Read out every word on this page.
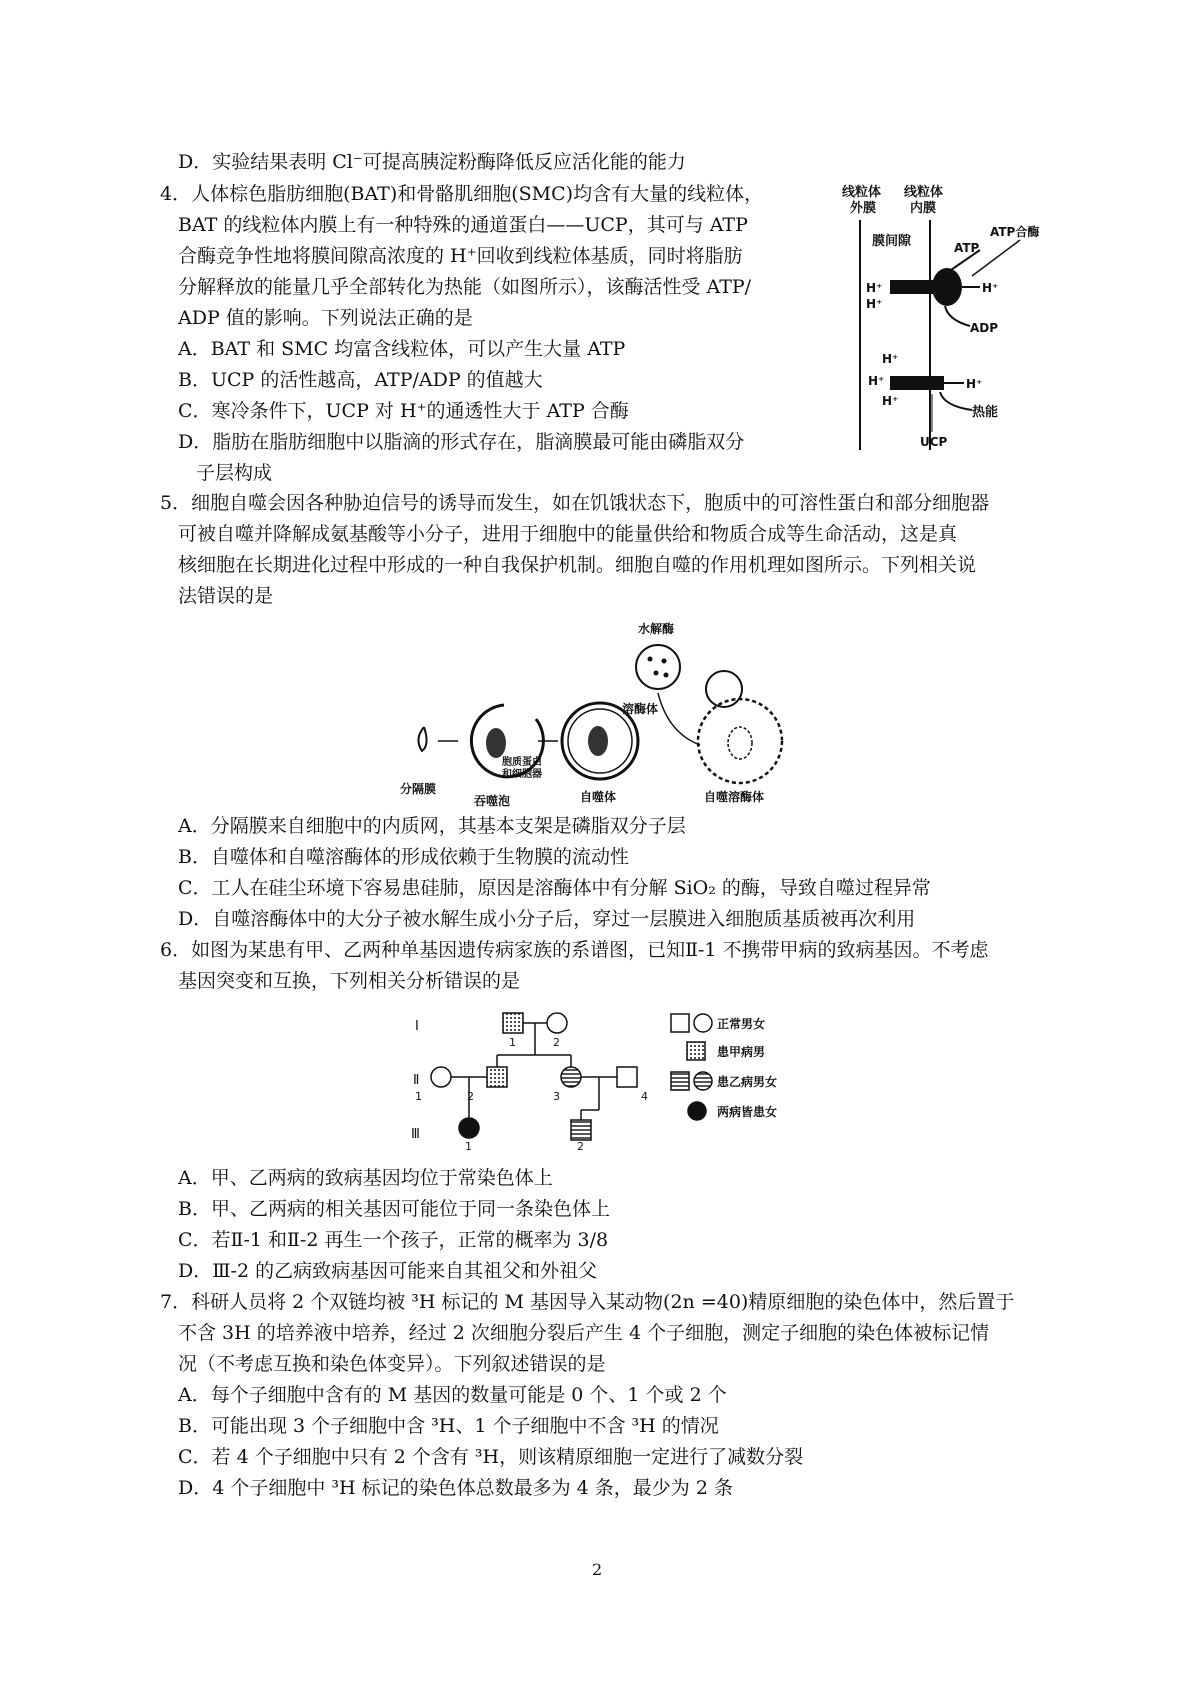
D．实验结果表明 Cl⁻可提高胰淀粉酶降低反应活化能的能力
4．人体棕色脂肪细胞(BAT)和骨骼肌细胞(SMC)均含有大量的线粒体，
BAT 的线粒体内膜上有一种特殊的通道蛋白——UCP，其可与 ATP
合酶竞争性地将膜间隙高浓度的 H⁺回收到线粒体基质，同时将脂肪
分解释放的能量几乎全部转化为热能（如图所示），该酶活性受 ATP/
ADP 值的影响。下列说法正确的是
A．BAT 和 SMC 均富含线粒体，可以产生大量 ATP
B．UCP 的活性越高，ATP/ADP 的值越大
C．寒冷条件下，UCP 对 H⁺的通透性大于 ATP 合酶
D．脂肪在脂肪细胞中以脂滴的形式存在，脂滴膜最可能由磷脂双分
子层构成
线粒体
外膜
线粒体
内膜
膜间隙
H⁺
H⁺
H⁺
ATP
ATP合酶
ADP
H⁺
H⁺
H⁺
H⁺
热能
UCP
5．细胞自噬会因各种胁迫信号的诱导而发生，如在饥饿状态下，胞质中的可溶性蛋白和部分细胞器
可被自噬并降解成氨基酸等小分子，进用于细胞中的能量供给和物质合成等生命活动，这是真
核细胞在长期进化过程中形成的一种自我保护机制。细胞自噬的作用机理如图所示。下列相关说
法错误的是
水解酶
溶酶体
分隔膜
吞噬泡
胞质蛋白
和细胞器
自噬体	自噬溶酶体
A．分隔膜来自细胞中的内质网，其基本支架是磷脂双分子层
B．自噬体和自噬溶酶体的形成依赖于生物膜的流动性
C．工人在硅尘环境下容易患硅肺，原因是溶酶体中有分解 SiO₂ 的酶，导致自噬过程异常
D．自噬溶酶体中的大分子被水解生成小分子后，穿过一层膜进入细胞质基质被再次利用
6．如图为某患有甲、乙两种单基因遗传病家族的系谱图，已知Ⅱ-1 不携带甲病的致病基因。不考虑
基因突变和互换，下列相关分析错误的是
Ⅰ
Ⅱ
Ⅲ
1	2
1	2	3	4
1	2
正常男女
患甲病男
患乙病男女
两病皆患女
A．甲、乙两病的致病基因均位于常染色体上
B．甲、乙两病的相关基因可能位于同一条染色体上
C．若Ⅱ-1 和Ⅱ-2 再生一个孩子，正常的概率为 3/8
D．Ⅲ-2 的乙病致病基因可能来自其祖父和外祖父
7．科研人员将 2 个双链均被 ³H 标记的 M 基因导入某动物(2n =40)精原细胞的染色体中，然后置于
不含 3H 的培养液中培养，经过 2 次细胞分裂后产生 4 个子细胞，测定子细胞的染色体被标记情
况（不考虑互换和染色体变异）。下列叙述错误的是
A．每个子细胞中含有的 M 基因的数量可能是 0 个、1 个或 2 个
B．可能出现 3 个子细胞中含 ³H、1 个子细胞中不含 ³H 的情况
C．若 4 个子细胞中只有 2 个含有 ³H，则该精原细胞一定进行了减数分裂
D．4 个子细胞中 ³H 标记的染色体总数最多为 4 条，最少为 2 条
2
